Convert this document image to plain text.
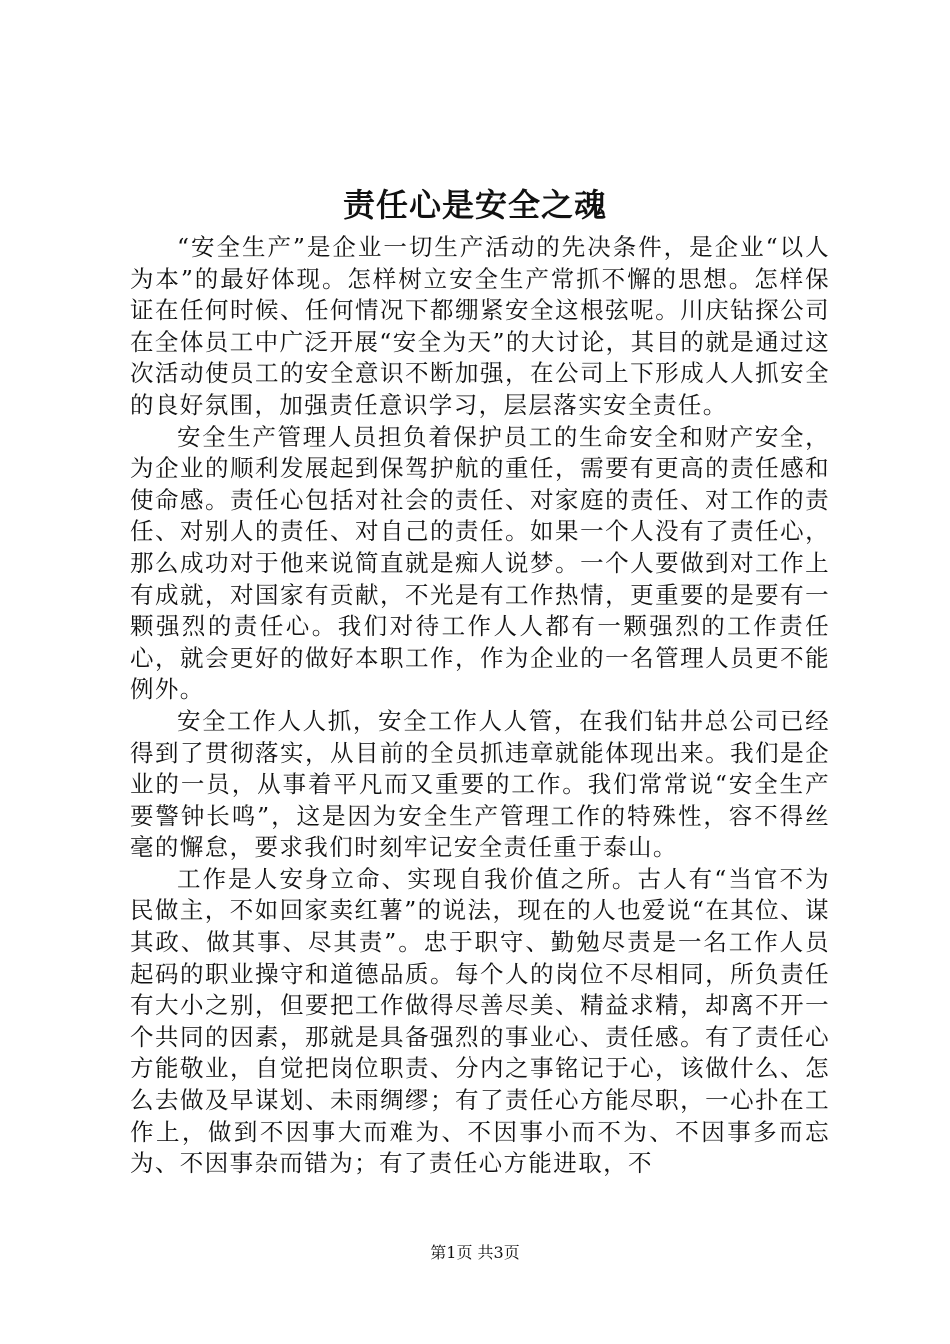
责任心是安全之魂

“安全生产”是企业一切生产活动的先决条件，是企业“以人为本”的最好体现。怎样树立安全生产常抓不懈的思想。怎样保证在任何时候、任何情况下都绷紧安全这根弦呢。川庆钻探公司在全体员工中广泛开展“安全为天”的大讨论，其目的就是通过这次活动使员工的安全意识不断加强，在公司上下形成人人抓安全的良好氛围，加强责任意识学习，层层落实安全责任。

安全生产管理人员担负着保护员工的生命安全和财产安全，为企业的顺利发展起到保驾护航的重任，需要有更高的责任感和使命感。责任心包括对社会的责任、对家庭的责任、对工作的责任、对别人的责任、对自己的责任。如果一个人没有了责任心，那么成功对于他来说简直就是痴人说梦。一个人要做到对工作上有成就，对国家有贡献，不光是有工作热情，更重要的是要有一颗强烈的责任心。我们对待工作人人都有一颗强烈的工作责任心，就会更好的做好本职工作，作为企业的一名管理人员更不能例外。

安全工作人人抓，安全工作人人管，在我们钻井总公司已经得到了贯彻落实，从目前的全员抓违章就能体现出来。我们是企业的一员，从事着平凡而又重要的工作。我们常常说“安全生产要警钟长鸣”，这是因为安全生产管理工作的特殊性，容不得丝毫的懈怠，要求我们时刻牢记安全责任重于泰山。

工作是人安身立命、实现自我价值之所。古人有“当官不为民做主，不如回家卖红薯”的说法，现在的人也爱说“在其位、谋其政、做其事、尽其责”。忠于职守、勤勉尽责是一名工作人员起码的职业操守和道德品质。每个人的岗位不尽相同，所负责任有大小之别，但要把工作做得尽善尽美、精益求精，却离不开一个共同的因素，那就是具备强烈的事业心、责任感。有了责任心方能敬业，自觉把岗位职责、分内之事铭记于心，该做什么、怎么去做及早谋划、未雨绸缪；有了责任心方能尽职，一心扑在工作上，做到不因事大而难为、不因事小而不为、不因事多而忘为、不因事杂而错为；有了责任心方能进取，不

第1页 共3页
